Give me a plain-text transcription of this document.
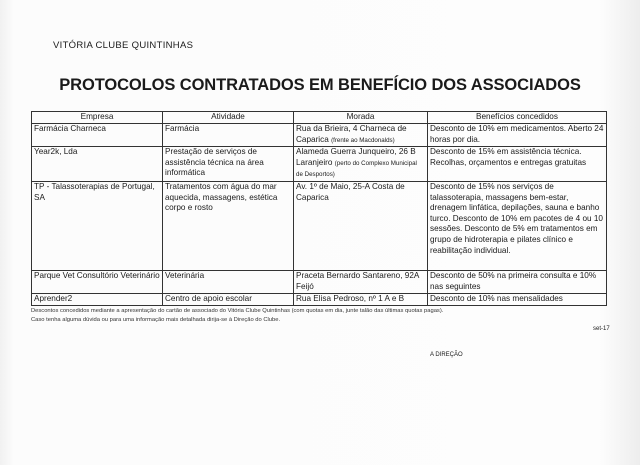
VITÓRIA CLUBE QUINTINHAS
PROTOCOLOS CONTRATADOS EM BENEFÍCIO DOS ASSOCIADOS
Empresa	Atividade	Morada	Benefícios concedidos
Farmácia Charneca	Farmácia	Rua da Brieira, 4 Charneca de Caparica (frente ao Macdonalds)	Desconto de 10% em medicamentos. Aberto 24 horas por dia.
Year2k, Lda	Prestação de serviços de assistência técnica na área informática	Alameda Guerra Junqueiro, 26 B Laranjeiro (perto do Complexo Municipal de Desportos)	Desconto de 15% em assistência técnica. Recolhas, orçamentos e entregas gratuitas
TP - Talassoterapias de Portugal, SA	Tratamentos com água do mar aquecida, massagens, estética corpo e rosto	Av. 1º de Maio, 25-A Costa de Caparica	Desconto de 15% nos serviços de talassoterapia, massagens bem-estar, drenagem linfática, depilações, sauna e banho turco. Desconto de 10% em pacotes de 4 ou 10 sessões. Desconto de 5% em tratamentos em grupo de hidroterapia e pilates clínico e reabilitação individual.
Parque Vet Consultório Veterinário	Veterinária	Praceta Bernardo Santareno, 92A Feijó	Desconto de 50% na primeira consulta e 10% nas seguintes
Aprender2	Centro de apoio escolar	Rua Elisa Pedroso, nº 1 A e B	Desconto de 10% nas mensalidades
Descontos concedidos mediante a apresentação do cartão de associado do Vitória Clube Quintinhas (com quotas em dia, junte talão das últimas quotas pagas).
Caso tenha alguma dúvida ou para uma informação mais detalhada dirija-se à Direção do Clube.
set-17
A DIREÇÃO
